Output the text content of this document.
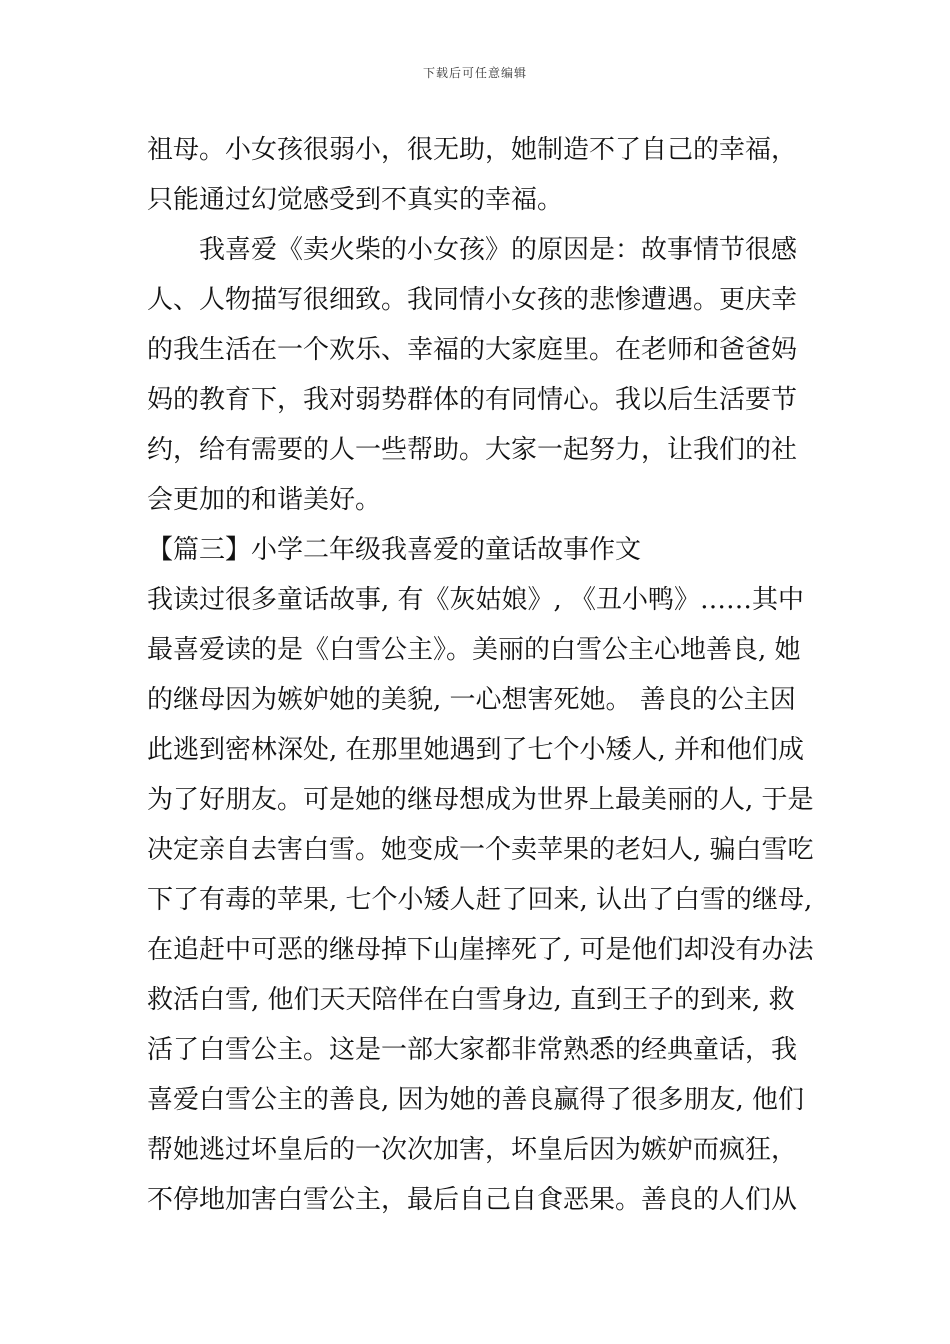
下载后可任意编辑
祖母。小女孩很弱小，很无助，她制造不了自己的幸福，
只能通过幻觉感受到不真实的幸福。
　　我喜爱《卖火柴的小女孩》的原因是：故事情节很感
人、人物描写很细致。我同情小女孩的悲惨遭遇。更庆幸
的我生活在一个欢乐、幸福的大家庭里。在老师和爸爸妈
妈的教育下，我对弱势群体的有同情心。我以后生活要节
约，给有需要的人一些帮助。大家一起努力，让我们的社
会更加的和谐美好。
【篇三】小学二年级我喜爱的童话故事作文
我读过很多童话故事, 有《灰姑娘》, 《丑小鸭》……其中
最喜爱读的是《白雪公主》。美丽的白雪公主心地善良, 她
的继母因为嫉妒她的美貌, 一心想害死她。 善良的公主因
此逃到密林深处, 在那里她遇到了七个小矮人, 并和他们成
为了好朋友。可是她的继母想成为世界上最美丽的人, 于是
决定亲自去害白雪。她变成一个卖苹果的老妇人, 骗白雪吃
下了有毒的苹果, 七个小矮人赶了回来, 认出了白雪的继母,
在追赶中可恶的继母掉下山崖摔死了, 可是他们却没有办法
救活白雪, 他们天天陪伴在白雪身边, 直到王子的到来, 救
活了白雪公主。这是一部大家都非常熟悉的经典童话，我
喜爱白雪公主的善良, 因为她的善良赢得了很多朋友, 他们
帮她逃过坏皇后的一次次加害，坏皇后因为嫉妒而疯狂，
不停地加害白雪公主，最后自己自食恶果。善良的人们从
